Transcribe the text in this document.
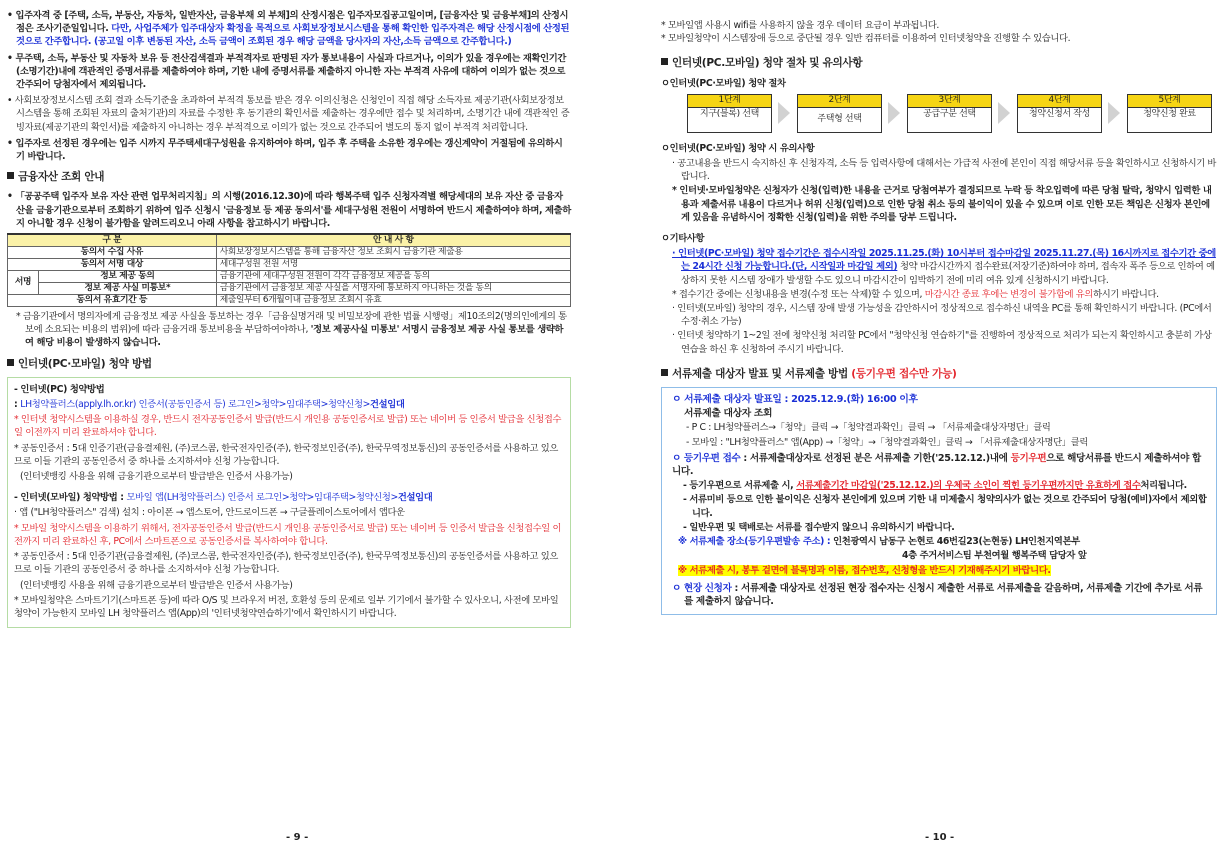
• 입주자격 중 [주택, 소득, 부동산, 자동차, 일반자산, 금융부채 외 부채]의 산정시점은 입주자모집공고일이며, [금융자산 및 금융부채]의 산정시점은 조사기준일입니다. 다만, 사업주체가 입주대상자 확정을 목적으로 사회보장정보시스템을 통해 확인한 입주자격은 해당 산정시점에 산정된 것으로 간주합니다. (공고일 이후 변동된 자산, 소득 금액이 조회된 경우 해당 금액을 당사자의 자산,소득 금액으로 간주합니다.)

• 무주택, 소득, 부동산 및 자동차 보유 등 전산검색결과 부적격자로 판명된 자가 통보내용이 사실과 다르거나, 이의가 있을 경우에는 재확인기간(소명기간)내에 객관적인 증명서류를 제출하여야 하며, 기한 내에 증명서류를 제출하지 아니한 자는 부적격 사유에 대하여 이의가 없는 것으로 간주되어 당첨자에서 제외됩니다.

• 사회보장정보시스템 조회 결과 소득기준을 초과하여 부적격 통보를 받은 경우 이의신청은 신청인이 직접 해당 소득자료 제공기관(사회보장정보시스템을 통해 조회된 자료의 출처기관)의 자료를 수정한 후 동기관의 확인서를 제출하는 경우에만 접수 및 처리하며, 소명기간 내에 객관적인 증빙자료(제공기관의 확인서)를 제출하지 아니하는 경우 부적격으로 이의가 없는 것으로 간주되어 별도의 통지 없이 부적격 처리합니다.

• 입주자로 선정된 경우에는 입주 시까지 무주택세대구성원을 유지하여야 하며, 입주 후 주택을 소유한 경우에는 갱신계약이 거절됨에 유의하시기 바랍니다.

금융자산 조회 안내

• 「공공주택 입주자 보유 자산 관련 업무처리지침」의 시행(2016.12.30)에 따라 행복주택 입주 신청자격별 해당세대의 보유 자산 중 금융자산을 금융기관으로부터 조회하기 위하여 입주 신청시 '금융정보 등 제공 동의서'를 세대구성원 전원이 서명하여 반드시 제출하여야 하며, 제출하지 아니할 경우 신청이 불가함을 알려드리오니 아래 사항을 참고하시기 바랍니다.

구 분		안 내 사 항
동의서 수집 사유		사회보장정보시스템을 통해 금융자산 정보 조회시 금융기관 제출용
동의서 서명 대상		세대구성원 전원 서명
서명	정보 제공 동의	금융기관에 세대구성원 전원이 각각 금융정보 제공을 동의
	정보 제공 사실 미통보*	금융기관에서 금융정보 제공 사실을 서명자에 통보하지 아니하는 것을 동의
동의서 유효기간 등		제출일부터 6개월이내 금융정보 조회시 유효

* 금융기관에서 명의자에게 금융정보 제공 사실을 통보하는 경우「금융실명거래 및 비밀보장에 관한 법률 시행령」제10조의2(명의인에게의 통보에 소요되는 비용의 범위)에 따라 금융거래 통보비용을 부담하여야하나, '정보 제공사실 미통보' 서명시 금융정보 제공 사실 통보를 생략하여 해당 비용이 발생하지 않습니다.

인터넷(PC·모바일) 청약 방법

- 인터넷(PC) 청약방법

: LH청약플러스(apply.lh.or.kr) 인증서(공동인증서 등) 로그인>청약>임대주택>청약신청>건설임대

* 인터넷 청약시스템을 이용하실 경우, 반드시 전자공동인증서 발급(반드시 개인용 공동인증서로 발급) 또는 네이버 등 인증서 발급을 신청접수일 이전까지 미리 완료하셔야 합니다.

* 공동인증서 : 5대 인증기관(금융결제원, (주)코스콤, 한국전자인증(주), 한국정보인증(주), 한국무역정보통신)의 공동인증서를 사용하고 있으므로 이들 기관의 공동인증서 중 하나를 소지하셔야 신청 가능합니다.

(인터넷뱅킹 사용을 위해 금융기관으로부터 발급받은 인증서 사용가능)

- 인터넷(모바일) 청약방법 : 모바일 앱(LH청약플러스) 인증서 로그인>청약>임대주택>청약신청>건설임대

· 앱 ("LH청약플러스" 검색) 설치 : 아이폰 → 앱스토어, 안드로이드폰 → 구글플레이스토어에서 앱다운

* 모바일 청약시스템을 이용하기 위해서, 전자공동인증서 발급(반드시 개인용 공동인증서로 발급) 또는 네이버 등 인증서 발급을 신청접수일 이전까지 미리 완료하신 후, PC에서 스마트폰으로 공동인증서를 복사하여야 합니다.

* 공동인증서 : 5대 인증기관(금융결제원, (주)코스콤, 한국전자인증(주), 한국정보인증(주), 한국무역정보통신)의 공동인증서를 사용하고 있으므로 이들 기관의 공동인증서 중 하나를 소지하셔야 신청 가능합니다.

(인터넷뱅킹 사용을 위해 금융기관으로부터 발급받은 인증서 사용가능)

* 모바일청약은 스마트기기(스마트폰 등)에 따라 O/S 및 브라우저 버전, 호환성 등의 문제로 일부 기기에서 불가할 수 있사오니, 사전에 모바일청약이 가능한지 모바일 LH 청약플러스 앱(App)의 '인터넷청약연습하기'에서 확인하시기 바랍니다.

- 9 -

* 모바일앱 사용시 wifi를 사용하지 않을 경우 데이터 요금이 부과됩니다.

* 모바일청약이 시스템장애 등으로 중단될 경우 일반 컴퓨터를 이용하여 인터넷청약을 진행할 수 있습니다.

인터넷(PC.모바일) 청약 절차 및 유의사항

ㅇ인터넷(PC·모바일) 청약 절차

1단계
지구(블록) 선택
2단계
주택형 선택
3단계
공급구분 선택
4단계
청약신청서 작성
5단계
청약신청 완료

ㅇ인터넷(PC·모바일) 청약 시 유의사항

· 공고내용을 반드시 숙지하신 후 신청자격, 소득 등 입력사항에 대해서는 가급적 사전에 본인이 직접 해당서류 등을 확인하시고 신청하시기 바랍니다.

* 인터넷·모바일청약은 신청자가 신청(입력)한 내용을 근거로 당첨여부가 결정되므로 누락 등 착오입력에 따른 당첨 탈락, 청약시 입력한 내용과 제출서류 내용이 다르거나 허위 신청(입력)으로 인한 당첨 취소 등의 불이익이 있을 수 있으며 이로 인한 모든 책임은 신청자 본인에게 있음을 유념하시어 정확한 신청(입력)을 위한 주의를 당부 드립니다.

ㅇ기타사항

· 인터넷(PC·모바일) 청약 접수기간은 접수시작일 2025.11.25.(화) 10시부터 접수마감일 2025.11.27.(목) 16시까지로 접수기간 중에는 24시간 신청 가능합니다.(단, 시작일과 마감일 제외) 청약 마감시간까지 접수완료(저장기준)하여야 하며, 접속자 폭주 등으로 인하여 예상하지 못한 시스템 장애가 발생할 수도 있으니 마감시간이 임박하기 전에 미리 여유 있게 신청하시기 바랍니다.

* 접수기간 중에는 신청내용을 변경(수정 또는 삭제)할 수 있으며, 마감시간 종료 후에는 변경이 불가함에 유의하시기 바랍니다.

· 인터넷(모바일) 청약의 경우, 시스템 장애 발생 가능성을 감안하시어 정상적으로 접수하신 내역을 PC를 통해 확인하시기 바랍니다. (PC에서 수정·취소 가능)

· 인터넷 청약하기 1~2일 전에 청약신청 처리할 PC에서 "청약신청 연습하기"를 진행하여 정상적으로 처리가 되는지 확인하시고 충분히 가상연습을 하신 후 신청하여 주시기 바랍니다.

서류제출 대상자 발표 및 서류제출 방법 (등기우편 접수만 가능)

ㅇ 서류제출 대상자 발표일 : 2025.12.9.(화) 16:00 이후

서류제출 대상자 조회

- P C : LH청약플러스→「청약」클릭 →「청약결과확인」클릭 → 「서류제출대상자명단」클릭

- 모바일 : "LH청약플러스" 앱(App) →「청약」→「청약결과확인」클릭 → 「서류제출대상자명단」클릭

ㅇ 등기우편 접수 : 서류제출대상자로 선정된 분은 서류제출 기한('25.12.12.)내에 등기우편으로 해당서류를 반드시 제출하셔야 합니다.

- 등기우편으로 서류제출 시, 서류제출기간 마감일('25.12.12.)의 우체국 소인이 찍힌 등기우편까지만 유효하게 접수처리됩니다.

- 서류미비 등으로 인한 불이익은 신청자 본인에게 있으며 기한 내 미제출시 청약의사가 없는 것으로 간주되어 당첨(예비)자에서 제외합니다.

- 일반우편 및 택배로는 서류를 접수받지 않으니 유의하시기 바랍니다.

※ 서류제출 장소(등기우편발송 주소) : 인천광역시 남동구 논현로 46번길23(논현동) LH인천지역본부

4층 주거서비스팀 부천여월 행복주택 담당자 앞

※ 서류제출 시, 봉투 겉면에 블록명과 이름, 접수번호, 신청형을 반드시 기재해주시기 바랍니다.

ㅇ 현장 신청자 : 서류제출 대상자로 선정된 현장 접수자는 신청시 제출한 서류로 서류제출을 갈음하며, 서류제출 기간에 추가로 서류를 제출하지 않습니다.

- 10 -
